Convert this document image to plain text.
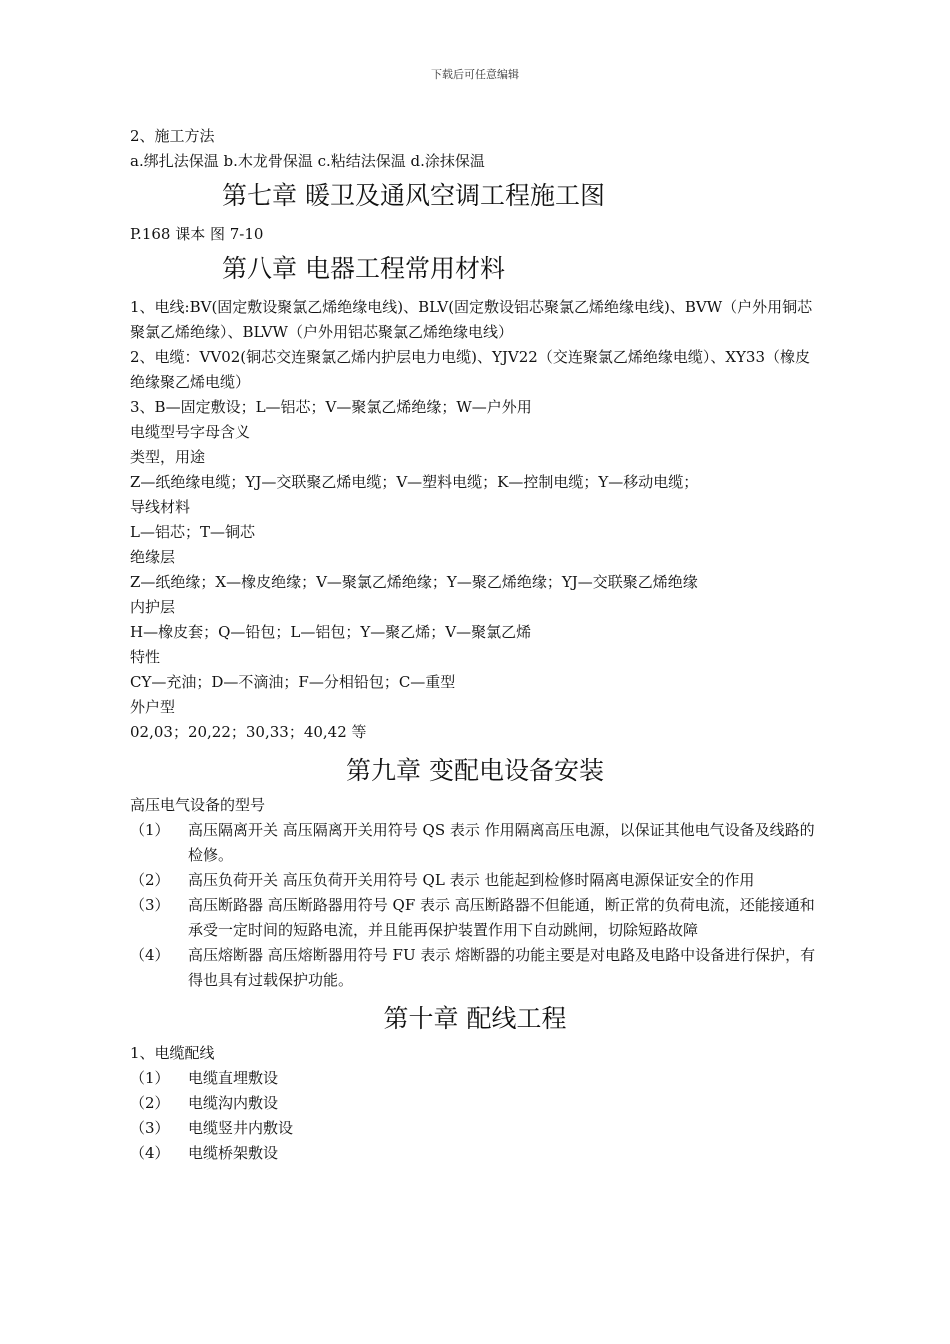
下载后可任意编辑
2、施工方法
a.绑扎法保温 b.木龙骨保温 c.粘结法保温 d.涂抹保温
第七章 暖卫及通风空调工程施工图
P.168 课本 图 7-10
第八章 电器工程常用材料
1、电线:BV(固定敷设聚氯乙烯绝缘电线)、BLV(固定敷设铝芯聚氯乙烯绝缘电线)、BVW（户外用铜芯聚氯乙烯绝缘）、BLVW（户外用铝芯聚氯乙烯绝缘电线）
2、电缆：VV02(铜芯交连聚氯乙烯内护层电力电缆)、YJV22（交连聚氯乙烯绝缘电缆）、XY33（橡皮绝缘聚乙烯电缆）
3、B—固定敷设；L—铝芯；V—聚氯乙烯绝缘；W—户外用
电缆型号字母含义
类型，用途
Z—纸绝缘电缆；YJ—交联聚乙烯电缆；V—塑料电缆；K—控制电缆；Y—移动电缆；
导线材料
L—铝芯；T—铜芯
绝缘层
Z—纸绝缘；X—橡皮绝缘；V—聚氯乙烯绝缘；Y—聚乙烯绝缘；YJ—交联聚乙烯绝缘
内护层
H—橡皮套；Q—铅包；L—铝包；Y—聚乙烯；V—聚氯乙烯
特性
CY—充油；D—不滴油；F—分相铅包；C—重型
外户型
02,03；20,22；30,33；40,42 等
第九章 变配电设备安装
高压电气设备的型号
（1）	高压隔离开关 高压隔离开关用符号 QS 表示 作用隔离高压电源，以保证其他电气设备及线路的检修。
（2）	高压负荷开关 高压负荷开关用符号 QL 表示 也能起到检修时隔离电源保证安全的作用
（3）	高压断路器 高压断路器用符号 QF 表示 高压断路器不但能通，断正常的负荷电流，还能接通和承受一定时间的短路电流，并且能再保护装置作用下自动跳闸，切除短路故障
（4）	高压熔断器 高压熔断器用符号 FU 表示 熔断器的功能主要是对电路及电路中设备进行保护，有得也具有过载保护功能。
第十章 配线工程
1、电缆配线
（1）	电缆直埋敷设
（2）	电缆沟内敷设
（3）	电缆竖井内敷设
（4）	电缆桥架敷设
